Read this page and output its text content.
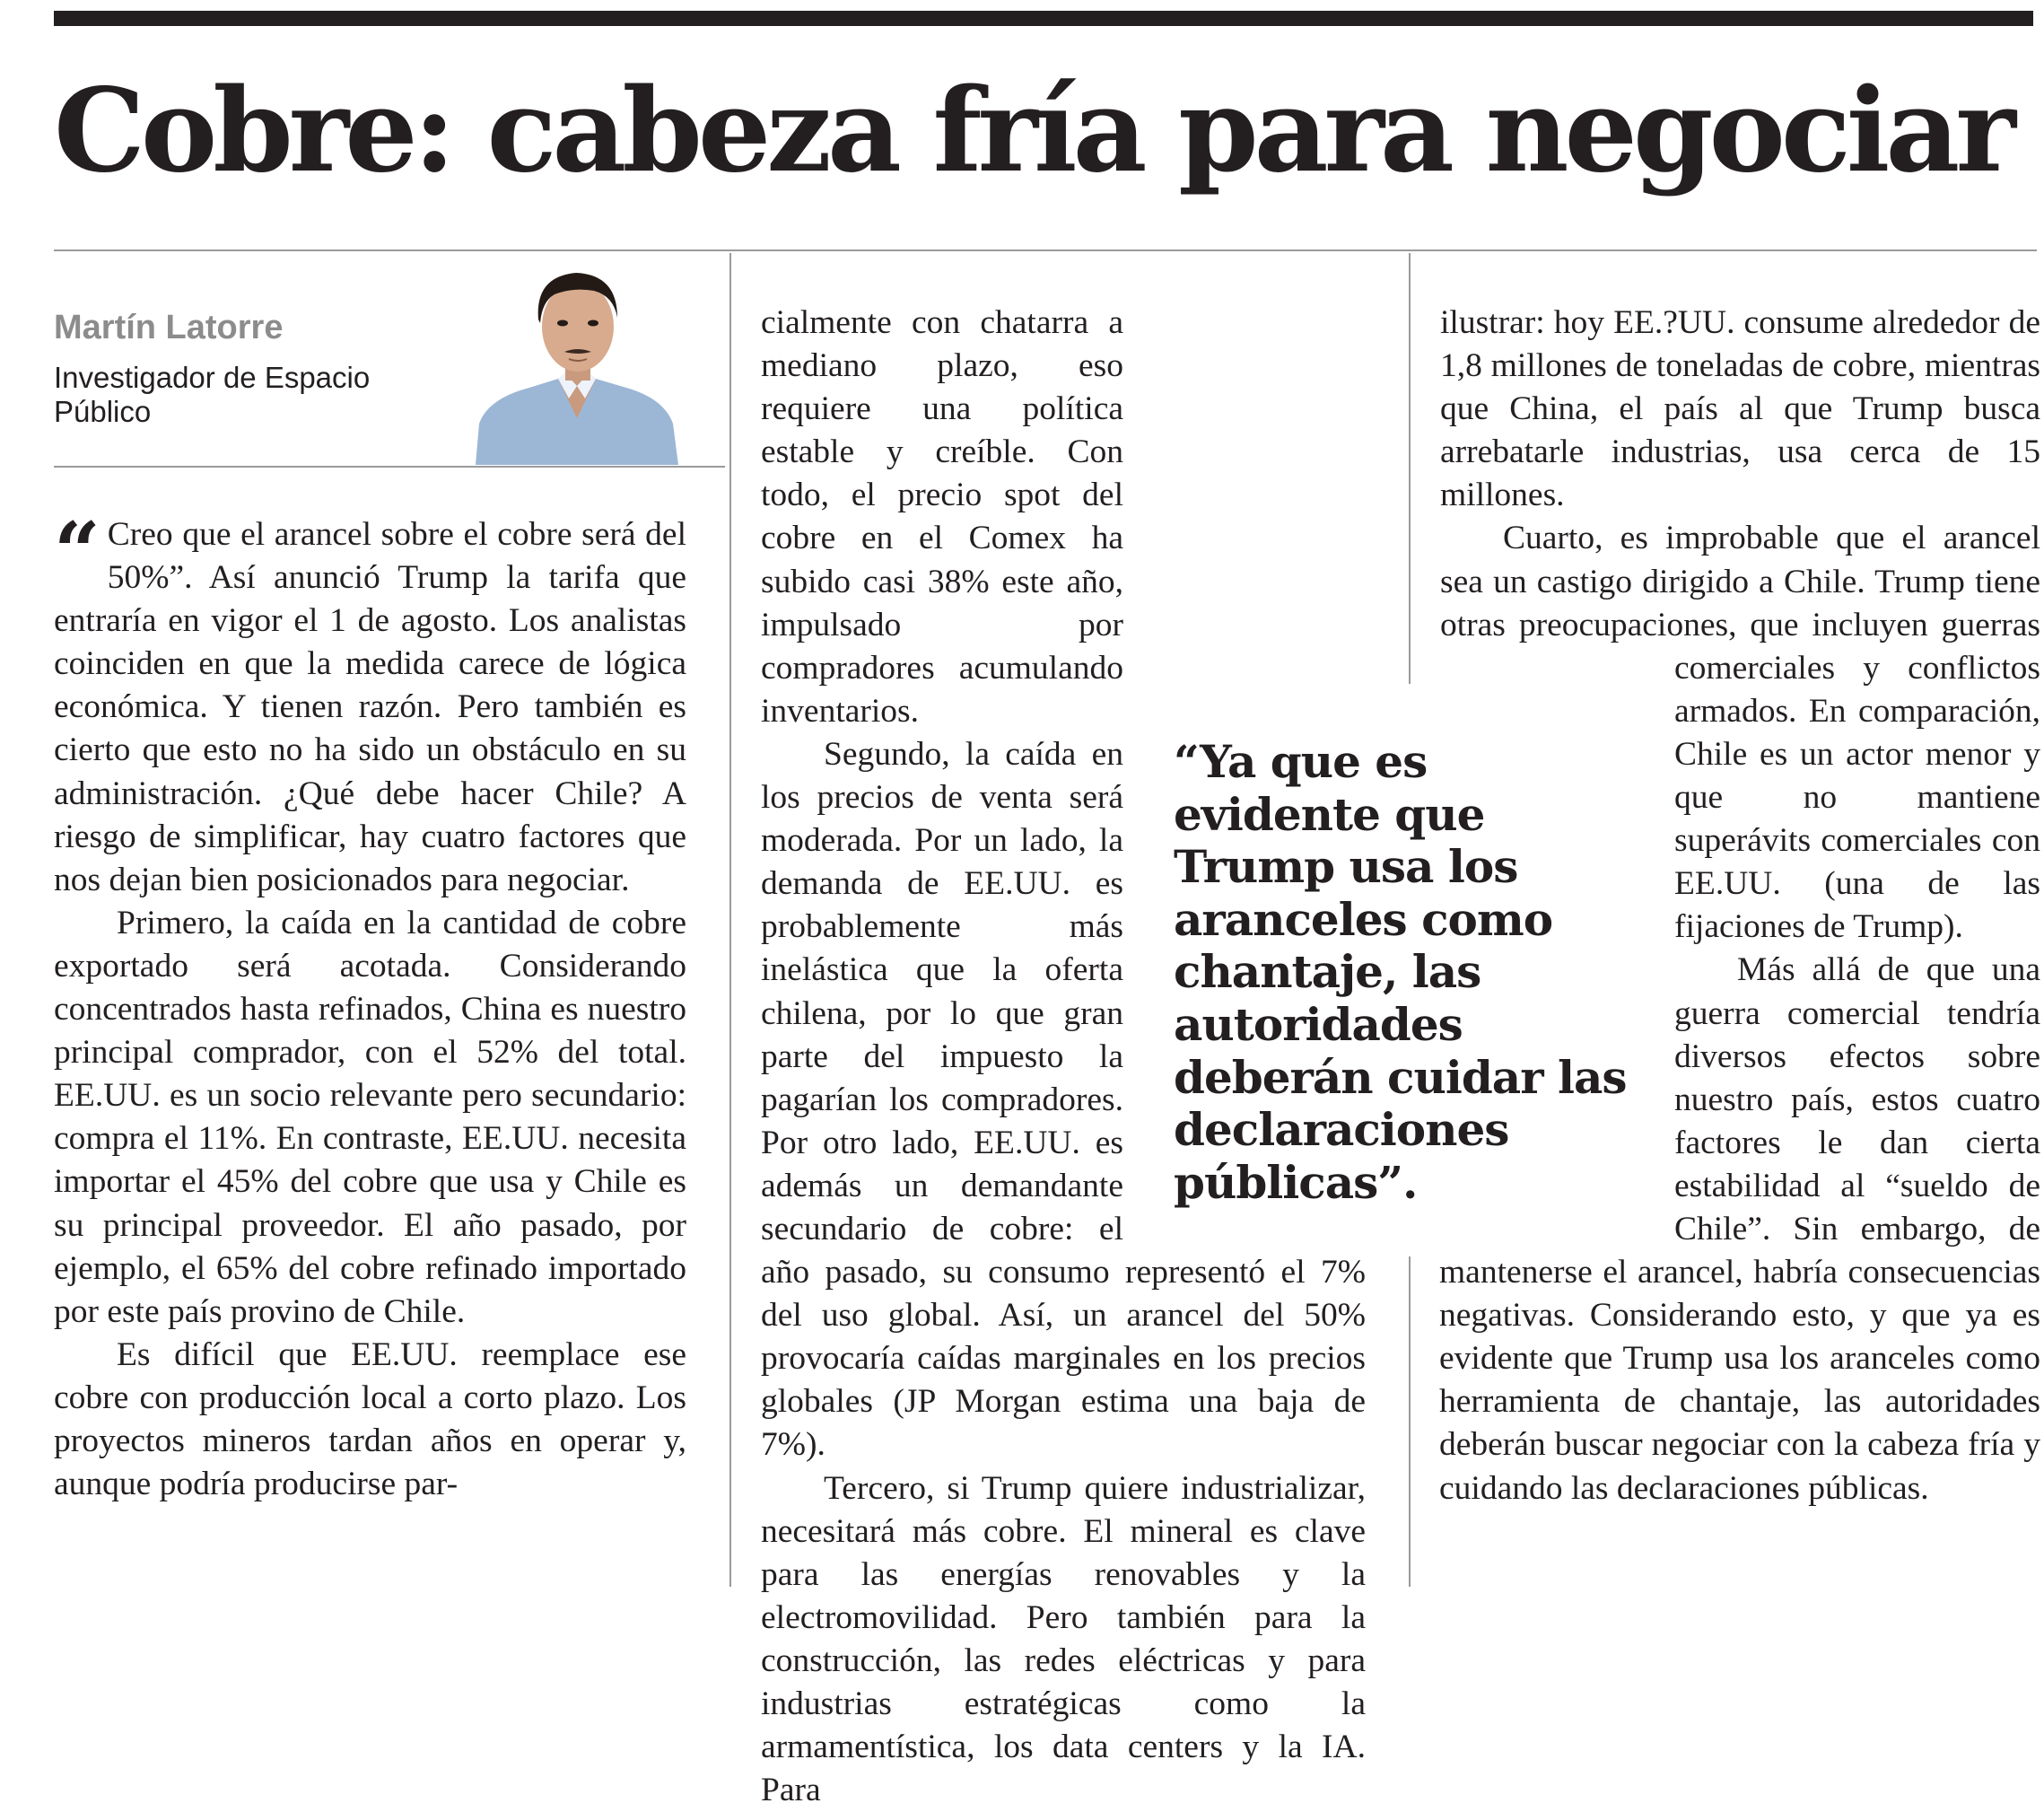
Cobre: cabeza fría para negociar
Martín Latorre

Investigador de Espacio Público

“ Creo que el arancel sobre el cobre será del 50%”. Así anunció Trump la tarifa que entraría en vigor el 1 de agosto. Los analistas coinciden en que la medida carece de lógica económica. Y tienen razón. Pero también es cierto que esto no ha sido un obstáculo en su administración. ¿Qué debe hacer Chile? A riesgo de simplificar, hay cuatro factores que nos dejan bien posicionados para negociar.

Primero, la caída en la cantidad de cobre exportado será acotada. Considerando concentrados hasta refinados, China es nuestro principal comprador, con el 52% del total. EE.UU. es un socio relevante pero secundario: compra el 11%. En contraste, EE.UU. necesita importar el 45% del cobre que usa y Chile es su principal proveedor. El año pasado, por ejemplo, el 65% del cobre refinado importado por este país provino de Chile.

Es difícil que EE.UU. reemplace ese cobre con producción local a corto plazo. Los proyectos mineros tardan años en operar y, aunque podría producirse par-

cialmente con chatarra a mediano plazo, eso requiere una política estable y creíble. Con todo, el precio spot del cobre en el Comex ha subido casi 38% este año, impulsado por compradores acumulando inventarios.

Segundo, la caída en los precios de venta será moderada. Por un lado, la demanda de EE.UU. es probablemente más inelástica que la oferta chilena, por lo que gran parte del impuesto la pagarían los compradores. Por otro lado, EE.UU. es además un demandante secundario de cobre: el año pasado, su consumo representó el 7% del uso global. Así, un arancel del 50% provocaría caídas marginales en los precios globales (JP Morgan estima una baja de 7%).

Tercero, si Trump quiere industrializar, necesitará más cobre. El mineral es clave para las energías renovables y la electromovilidad. Pero también para la construcción, las redes eléctricas y para industrias estratégicas como la armamentística, los data centers y la IA. Para

ilustrar: hoy EE.?UU. consume alrededor de 1,8 millones de toneladas de cobre, mientras que China, el país al que Trump busca arrebatarle industrias, usa cerca de 15 millones.

Cuarto, es improbable que el arancel sea un castigo dirigido a Chile. Trump tiene otras preocupaciones, que incluyen guerras comerciales y conflictos armados. En comparación, Chile es un actor menor y que no mantiene superávits comerciales con EE.UU. (una de las fijaciones de Trump).

Más allá de que una guerra comercial tendría diversos efectos sobre nuestro país, estos cuatro factores le dan cierta estabilidad al “sueldo de Chile”. Sin embargo, de mantenerse el arancel, habría consecuencias negativas. Considerando esto, y que ya es evidente que Trump usa los aranceles como herramienta de chantaje, las autoridades deberán buscar negociar con la cabeza fría y cuidando las declaraciones públicas.

“Ya que es evidente que Trump usa los aranceles como chantaje, las autoridades deberán cuidar las declaraciones públicas”.
